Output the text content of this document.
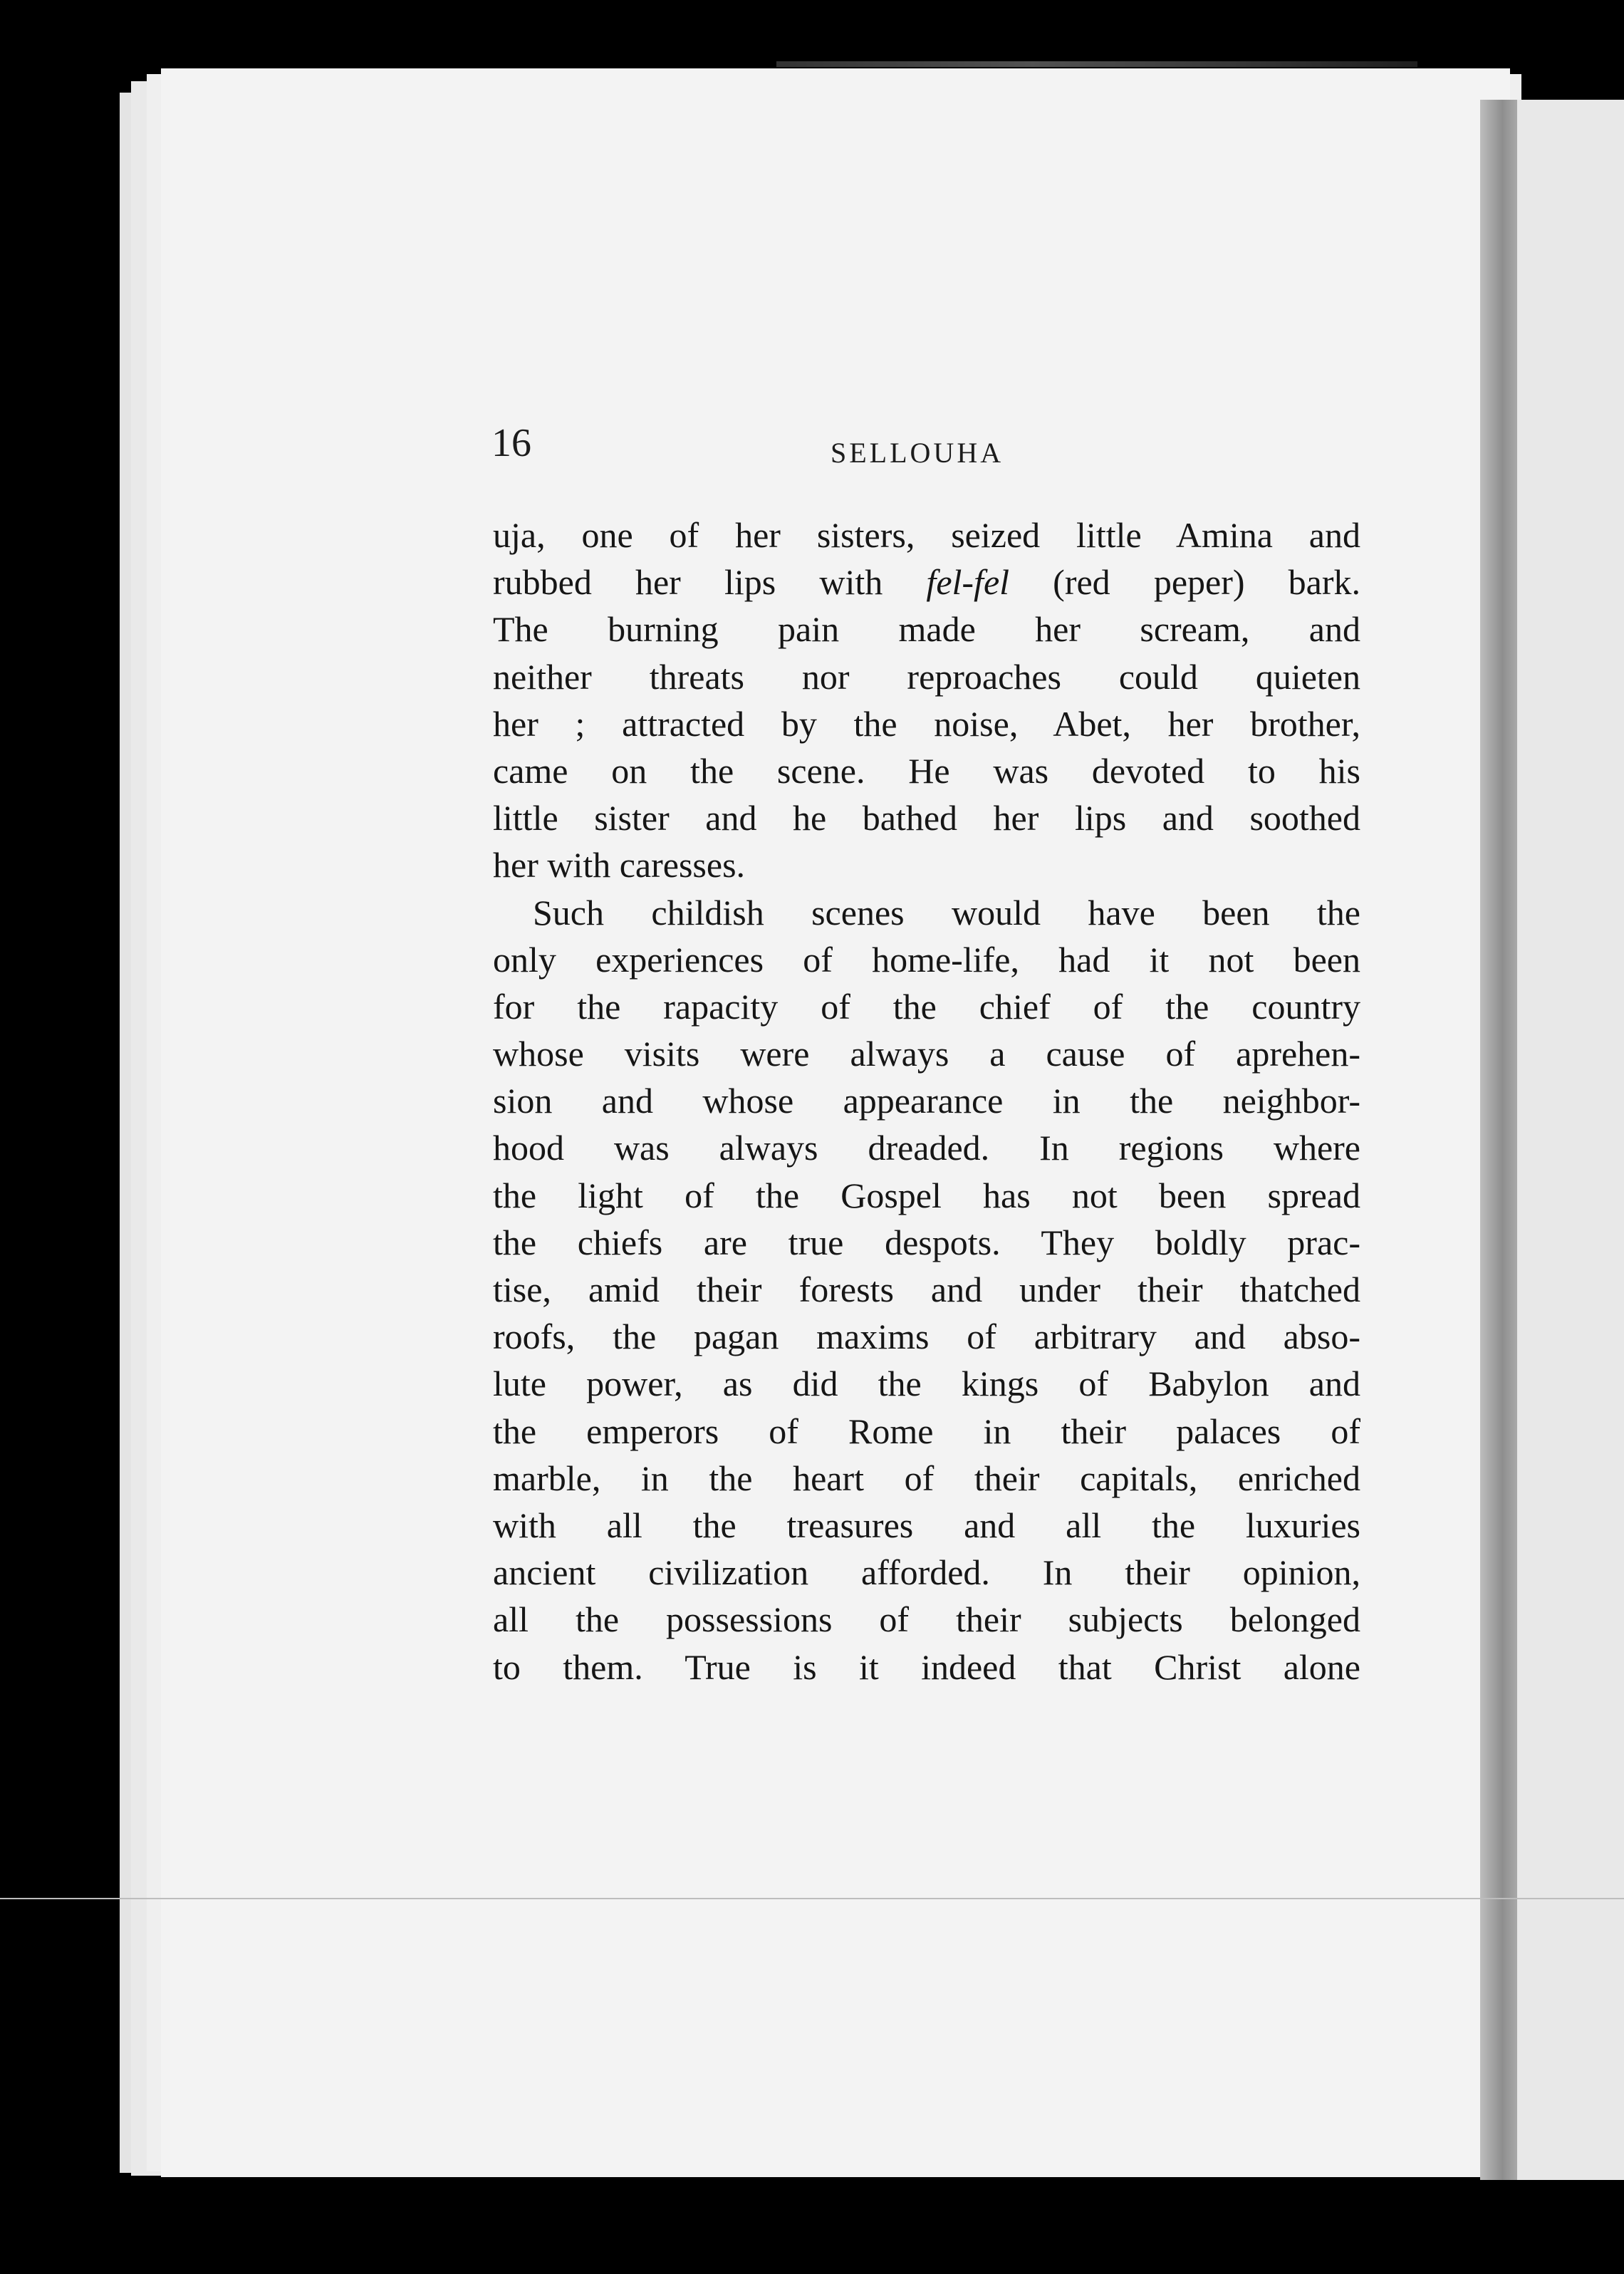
16	SELLOUHA
uja, one of her sisters, seized little Amina and
rubbed her lips with fel-fel (red peper) bark.
The burning pain made her scream, and
neither threats nor reproaches could quieten
her ; attracted by the noise, Abet, her brother,
came on the scene. He was devoted to his
little sister and he bathed her lips and soothed
her with caresses.
Such childish scenes would have been the
only experiences of home-life, had it not been
for the rapacity of the chief of the country
whose visits were always a cause of aprehen-
sion and whose appearance in the neighbor-
hood was always dreaded. In regions where
the light of the Gospel has not been spread
the chiefs are true despots. They boldly prac-
tise, amid their forests and under their thatched
roofs, the pagan maxims of arbitrary and abso-
lute power, as did the kings of Babylon and
the emperors of Rome in their palaces of
marble, in the heart of their capitals, enriched
with all the treasures and all the luxuries
ancient civilization afforded. In their opinion,
all the possessions of their subjects belonged
to them. True is it indeed that Christ alone
